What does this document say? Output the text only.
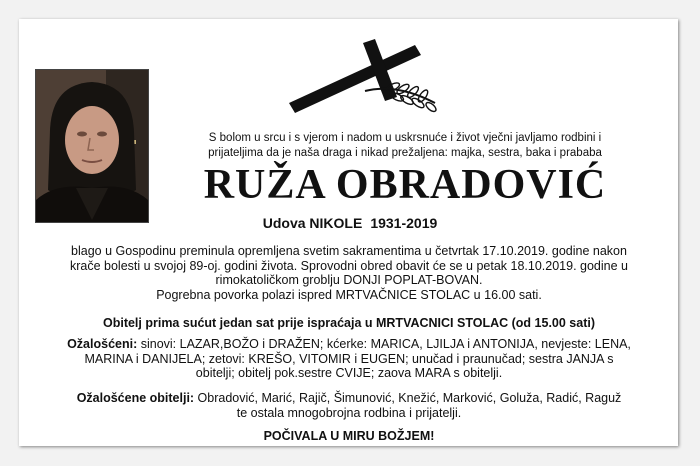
S bolom u srcu i s vjerom i nadom u uskrsnuće i život vječni javljamo rodbini i
prijateljima da je naša draga i nikad prežaljena: majka, sestra, baka i prababa
RUŽA OBRADOVIĆ
Udova NIKOLE 1931-2019
blago u Gospodinu preminula opremljena svetim sakramentima u četvrtak 17.10.2019. godine nakon
krače bolesti u svojoj 89-oj. godini života. Sprovodni obred obavit će se u petak 18.10.2019. godine u
rimokatoličkom groblju DONJI POPLAT-BOVAN.
Pogrebna povorka polazi ispred MRTVAČNICE STOLAC u 16.00 sati.
Obitelj prima sućut jedan sat prije ispraćaja u MRTVACNICI STOLAC (od 15.00 sati)
Ožalošćeni: sinovi: LAZAR,BOŽO i DRAŽEN; kćerke: MARICA, LJILJA i ANTONIJA, nevjeste: LENA,
MARINA i DANIJELA; zetovi: KREŠO, VITOMIR i EUGEN; unučad i praunučad; sestra JANJA s
obitelji; obitelj pok.sestre CVIJE; zaova MARA s obitelji.
Ožalošćene obitelji: Obradović, Marić, Rajič, Šimunović, Knežić, Marković, Goluža, Radić, Raguž
te ostala mnogobrojna rodbina i prijatelji.
POČIVALA U MIRU BOŽJEM!
